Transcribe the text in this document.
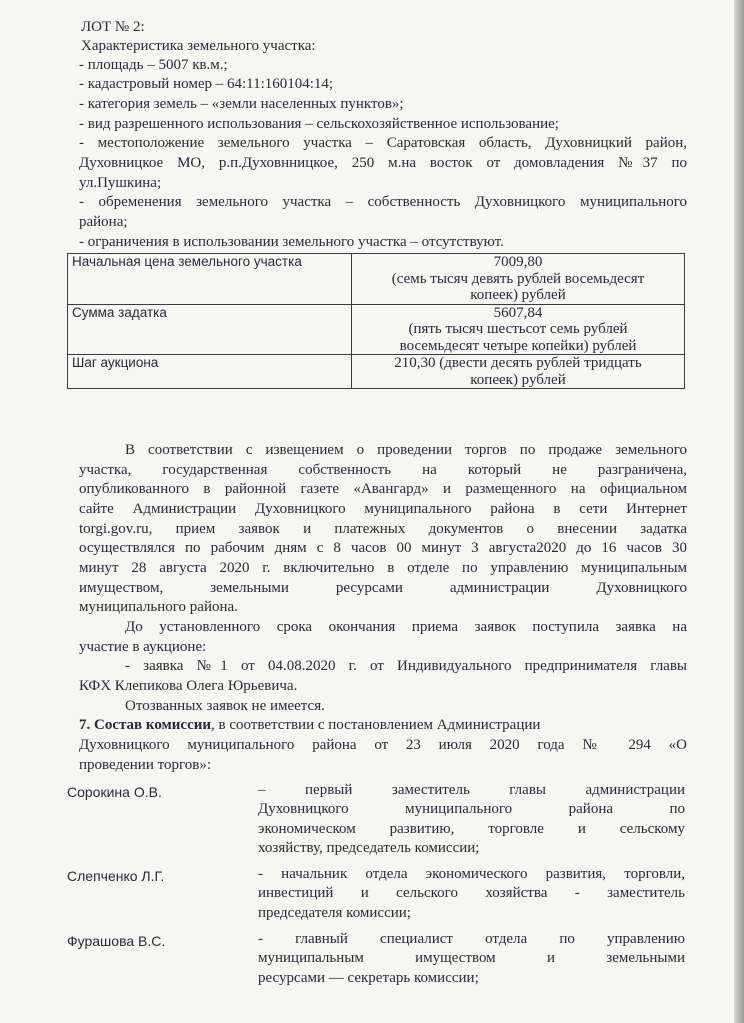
ЛОТ № 2:

Характеристика земельного участка:

- площадь – 5007 кв.м.;

- кадастровый номер – 64:11:160104:14;

- категория земель – «земли населенных пунктов»;

- вид разрешенного использования – сельскохозяйственное использование;

- местоположение земельного участка – Саратовская область, Духовницкий район,

Духовницкое МО, р.п.Духовнницкое, 250 м.на восток от домовладения №37 по

ул.Пушкина;

- обременения земельного участка – собственность Духовницкого муниципального

района;

- ограничения в использовании земельного участка – отсутствуют.

Начальная цена земельного участка	7009,80
(семь тысяч девять рублей восемьдесят
копеек) рублей

Сумма задатка	5607,84
(пять тысяч шестьсот семь рублей
восемьдесят четыре копейки) рублей

Шаг аукциона	210,30 (двести десять рублей тридцать
копеек) рублей

В соответствии с извещением о проведении торгов по продаже земельного

участка, государственная собственность на который не разграничена,

опубликованного в районной газете «Авангард» и размещенного на официальном

сайте Администрации Духовницкого муниципального района в сети Интернет

torgi.gov.ru, прием заявок и платежных документов о внесении задатка

осуществлялся по рабочим дням с 8 часов 00 минут 3 августа2020 до 16 часов 30

минут 28 августа 2020 г. включительно в отделе по управлению муниципальным

имуществом, земельными ресурсами администрации Духовницкого

муниципального района.

До установленного срока окончания приема заявок поступила заявка на

участие в аукционе:

- заявка №1 от 04.08.2020 г. от Индивидуального предпринимателя главы

КФХ Клепикова Олега Юрьевича.

Отозванных заявок не имеется.

7. Состав комиссии, в соответствии с постановлением Администрации

Духовницкого муниципального района от 23 июля 2020 года № 294 «О

проведении торгов»:

Сорокина О.В.	– первый заместитель главы администрации
Духовницкого муниципального района по
экономическом развитию, торговле и сельскому
хозяйству, председатель комиссии;
Слепченко Л.Г.	- начальник отдела экономического развития, торговли,
инвестиций и сельского хозяйства - заместитель
председателя комиссии;
Фурашова В.С.	- главный специалист отдела по управлению
муниципальным имуществом и земельными
ресурсами — секретарь комиссии;
